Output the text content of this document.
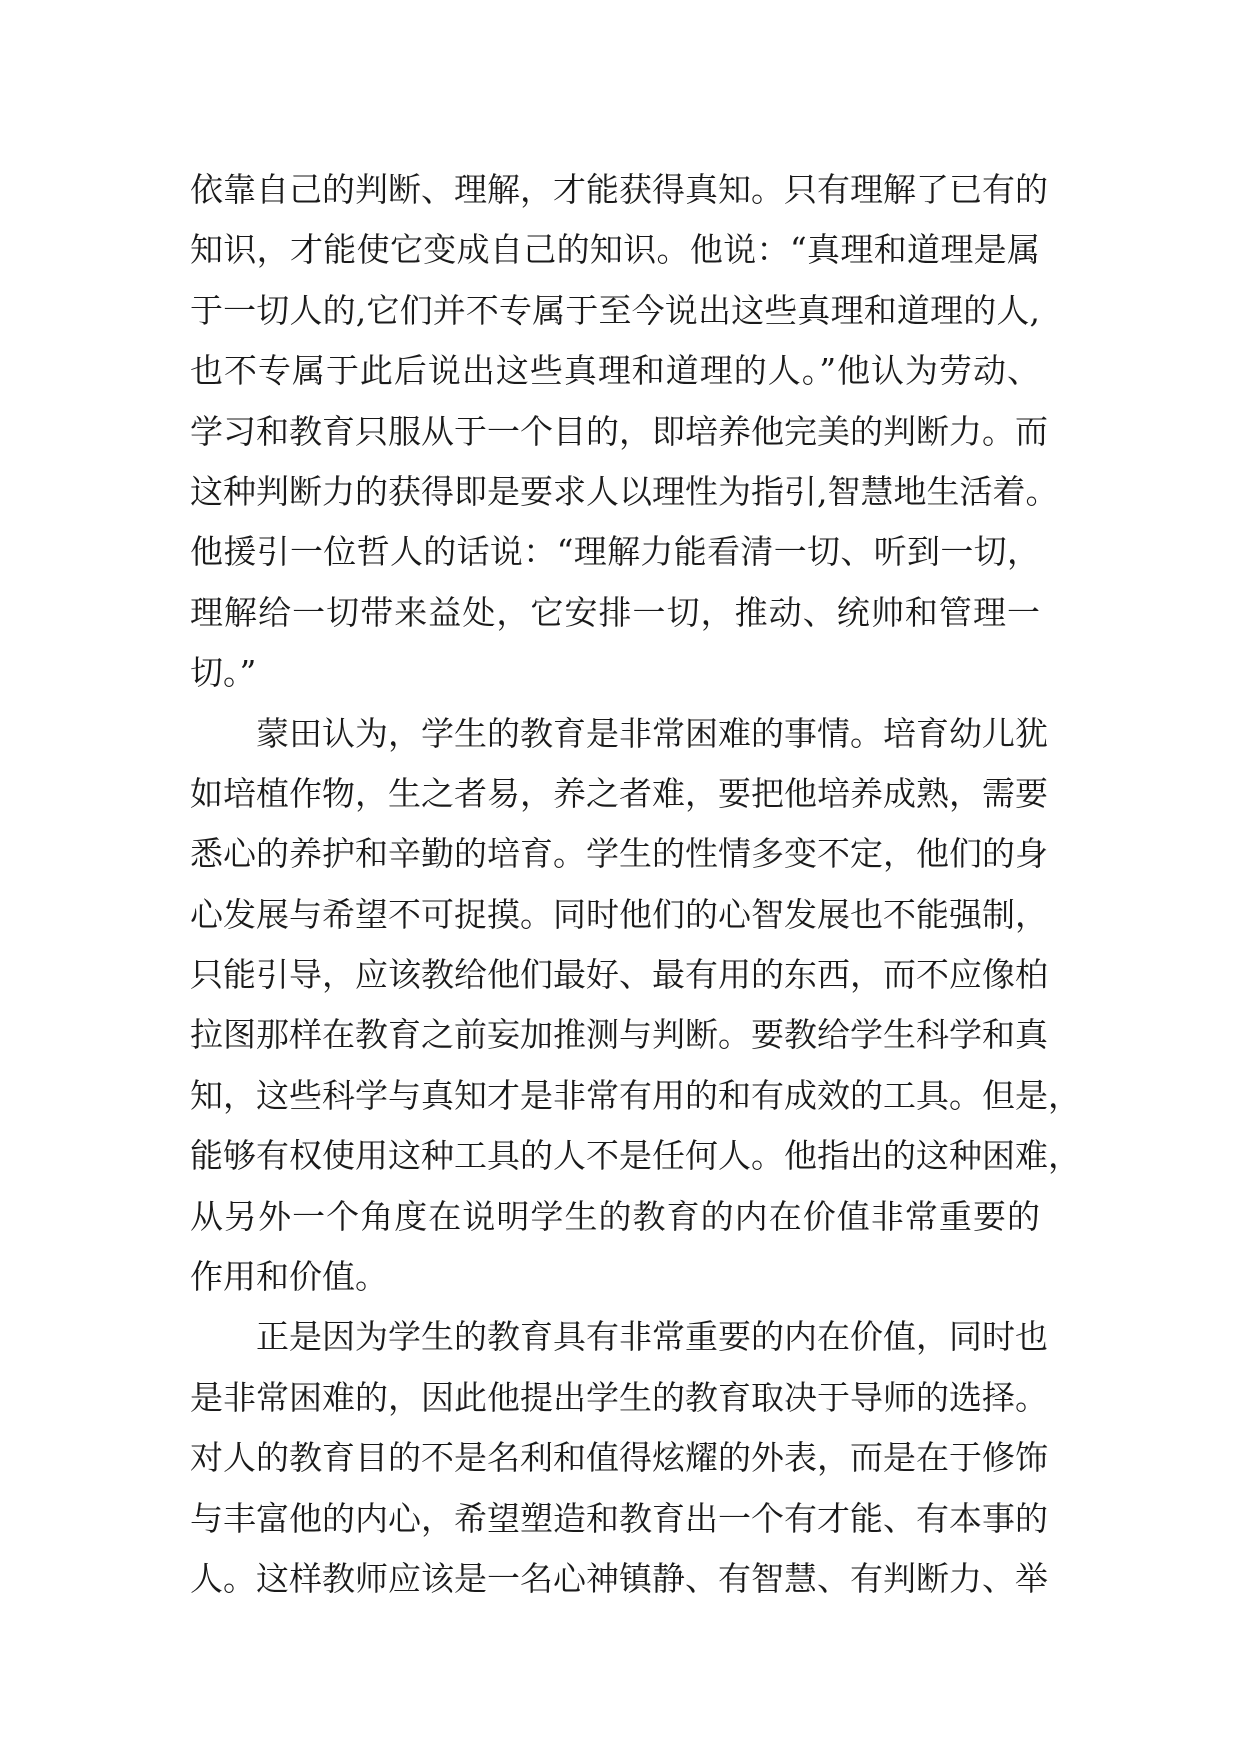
依靠自己的判断、理解，才能获得真知。只有理解了已有的
知识，才能使它变成自己的知识。他说：“真理和道理是属
于一切人的,它们并不专属于至今说出这些真理和道理的人,
也不专属于此后说出这些真理和道理的人。”他认为劳动、
学习和教育只服从于一个目的，即培养他完美的判断力。而
这种判断力的获得即是要求人以理性为指引,智慧地生活着。
他援引一位哲人的话说：“理解力能看清一切、听到一切，
理解给一切带来益处，它安排一切，推动、统帅和管理一
切。”
蒙田认为，学生的教育是非常困难的事情。培育幼儿犹
如培植作物，生之者易，养之者难，要把他培养成熟，需要
悉心的养护和辛勤的培育。学生的性情多变不定，他们的身
心发展与希望不可捉摸。同时他们的心智发展也不能强制，
只能引导，应该教给他们最好、最有用的东西，而不应像柏
拉图那样在教育之前妄加推测与判断。要教给学生科学和真
知，这些科学与真知才是非常有用的和有成效的工具。但是，
能够有权使用这种工具的人不是任何人。他指出的这种困难，
从另外一个角度在说明学生的教育的内在价值非常重要的
作用和价值。
正是因为学生的教育具有非常重要的内在价值，同时也
是非常困难的，因此他提出学生的教育取决于导师的选择。
对人的教育目的不是名利和值得炫耀的外表，而是在于修饰
与丰富他的内心，希望塑造和教育出一个有才能、有本事的
人。这样教师应该是一名心神镇静、有智慧、有判断力、举
